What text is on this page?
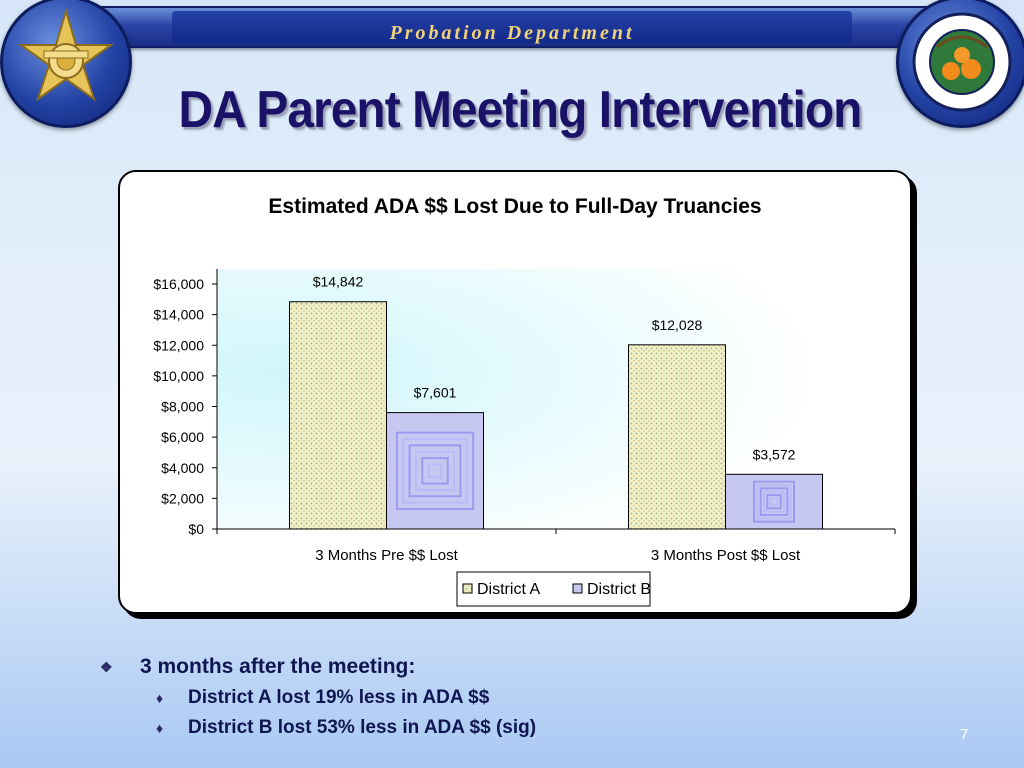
Probation Department
DA Parent Meeting Intervention
Estimated ADA $$ Lost Due to Full-Day Truancies
$0
$2,000
$4,000
$6,000
$8,000
$10,000
$12,000
$14,000
$16,000	$14,842
$7,601
3 Months Pre $$ Lost
$12,028
$3,572
3 Months Post $$ Lost
District A	District B
❖	3 months after the meeting:
♦	District A lost 19% less in ADA $$
♦	District B lost 53% less in ADA $$ (sig)	7
